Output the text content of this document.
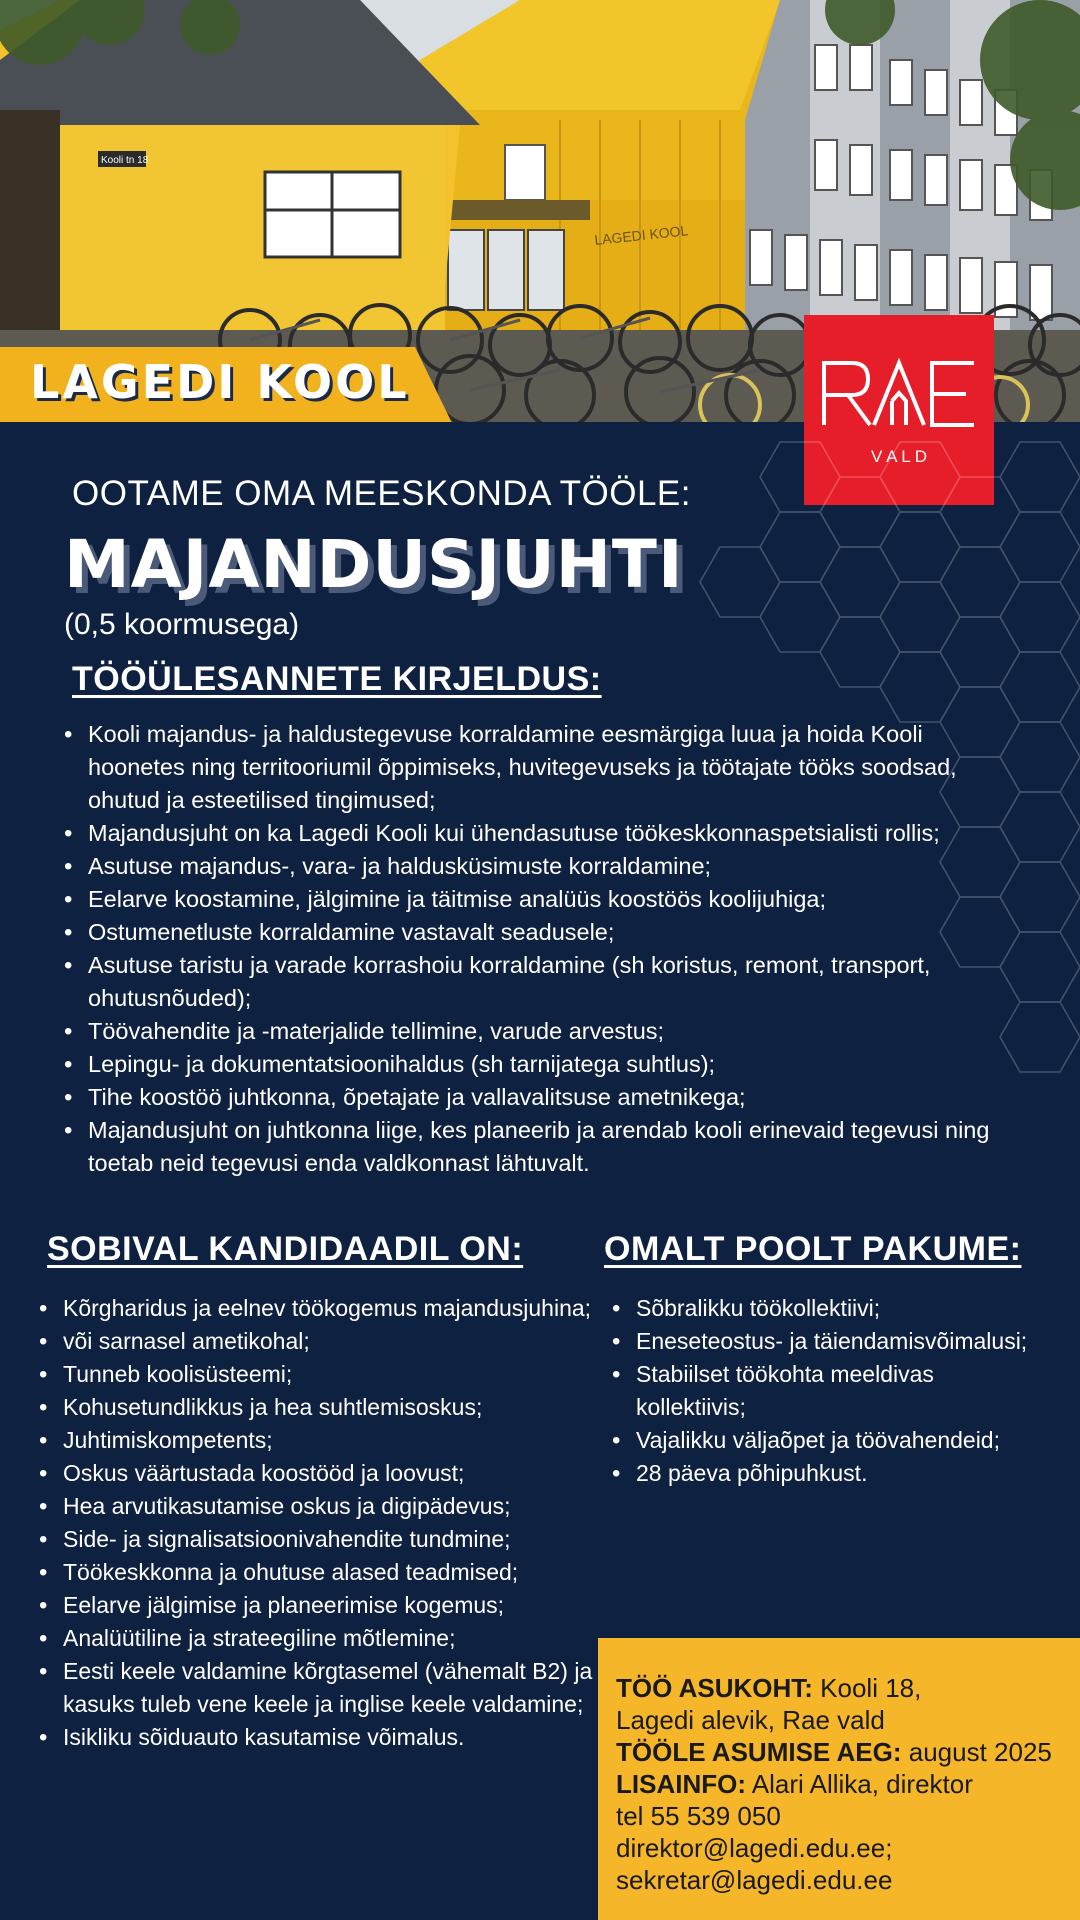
LAGEDI KOOL
Kooli tn 18
LAGEDI KOOL
V A L D
OOTAME OMA MEESKONDA TÖÖLE:
MAJANDUSJUHTI
(0,5 koormusega)
TÖÖÜLESANNETE KIRJELDUS:
• Kooli majandus- ja haldustegevuse korraldamine eesmärgiga luua ja hoida Kooli hoonetes ning territooriumil õppimiseks, huvitegevuseks ja töötajate tööks soodsad, ohutud ja esteetilised tingimused;
• Majandusjuht on ka Lagedi Kooli kui ühendasutuse töökeskkonnaspetsialisti rollis;
• Asutuse majandus-, vara- ja haldusküsimuste korraldamine;
• Eelarve koostamine, jälgimine ja täitmise analüüs koostöös koolijuhiga;
• Ostumenetluste korraldamine vastavalt seadusele;
• Asutuse taristu ja varade korrashoiu korraldamine (sh koristus, remont, transport, ohutusnõuded);
• Töövahendite ja -materjalide tellimine, varude arvestus;
• Lepingu- ja dokumentatsioonihaldus (sh tarnijatega suhtlus);
• Tihe koostöö juhtkonna, õpetajate ja vallavalitsuse ametnikega;
• Majandusjuht on juhtkonna liige, kes planeerib ja arendab kooli erinevaid tegevusi ning toetab neid tegevusi enda valdkonnast lähtuvalt.
SOBIVAL KANDIDAADIL ON:
• Kõrgharidus ja eelnev töökogemus majandusjuhina;
• või sarnasel ametikohal;
• Tunneb koolisüsteemi;
• Kohusetundlikkus ja hea suhtlemisoskus;
• Juhtimiskompetents;
• Oskus väärtustada koostööd ja loovust;
• Hea arvutikasutamise oskus ja digipädevus;
• Side- ja signalisatsioonivahendite tundmine;
• Töökeskkonna ja ohutuse alased teadmised;
• Eelarve jälgimise ja planeerimise kogemus;
• Analüütiline ja strateegiline mõtlemine;
• Eesti keele valdamine kõrgtasemel (vähemalt B2) ja kasuks tuleb vene keele ja inglise keele valdamine;
• Isikliku sõiduauto kasutamise võimalus.
OMALT POOLT PAKUME:
• Sõbralikku töökollektiivi;
• Eneseteostus- ja täiendamisvõimalusi;
• Stabiilset töökohta meeldivas kollektiivis;
• Vajalikku väljaõpet ja töövahendeid;
• 28 päeva põhipuhkust.
TÖÖ ASUKOHT: Kooli 18,
Lagedi alevik, Rae vald
TÖÖLE ASUMISE AEG: august 2025
LISAINFO: Alari Allika, direktor
tel 55 539 050
direktor@lagedi.edu.ee;
sekretar@lagedi.edu.ee
